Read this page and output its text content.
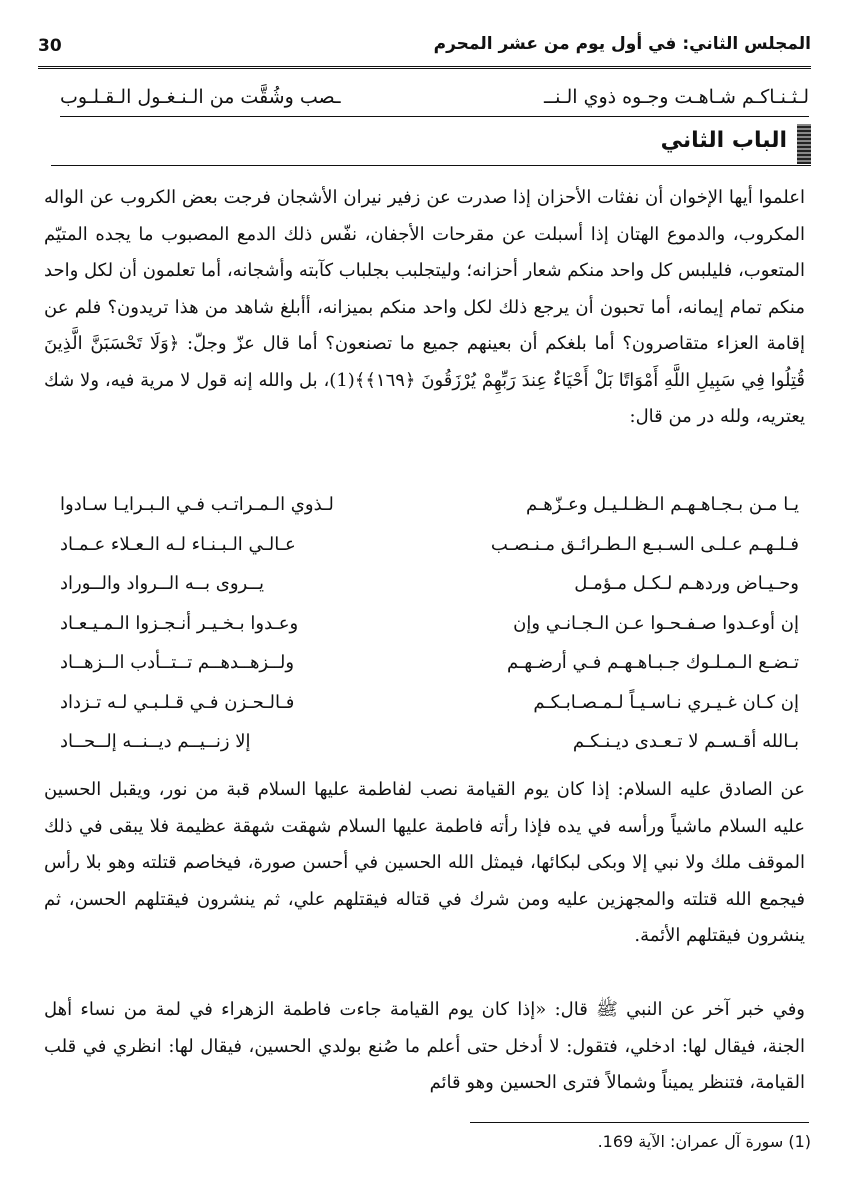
30	المجلس الثاني: في أول يوم من عشر المحرم
لـثـنـاكـم شـاهـت وجـوه ذوي الـنــ
ـصب وشُقَّت من الـنـغـول الـقـلـوب
الباب الثاني
اعلموا أيها الإخوان أن نفثات الأحزان إذا صدرت عن زفير نيران الأشجان فرجت بعض الكروب عن الواله المكروب، والدموع الهتان إذا أسبلت عن مقرحات الأجفان، نفّس ذلك الدمع المصبوب ما يجده المتيّم المتعوب، فليلبس كل واحد منكم شعار أحزانه؛ وليتجلبب بجلباب كآبته وأشجانه، أما تعلمون أن لكل واحد منكم تمام إيمانه، أما تحبون أن يرجع ذلك لكل واحد منكم بميزانه، أأبلغ شاهد من هذا تريدون؟ فلم عن إقامة العزاء متقاصرون؟ أما بلغكم أن بعينهم جميع ما تصنعون؟ أما قال عزّ وجلّ: ﴿وَلَا تَحْسَبَنَّ الَّذِينَ قُتِلُوا فِي سَبِيلِ اللَّهِ أَمْوَاتًا بَلْ أَحْيَاءٌ عِندَ رَبِّهِمْ يُرْزَقُونَ ﴿١٦٩﴾﴾(1)، بل والله إنه قول لا مرية فيه، ولا شك يعتريه، ولله در من قال:
يـا مـن بـجـاهـهـم الـظـلـيـل وعـزّهـم
لـذوي الـمـراتـب فـي الـبـرايـا سـادوا
فـلـهـم عـلـى السـبـع الـطـرائـق مـنـصـب
عـالـي الـبـنـاء لـه الـعـلاء عـمـاد
وحـيـاض وردهـم لـكـل مـؤمـل
يــروى بــه الــرواد والــوراد
إن أوعـدوا صـفـحـوا عـن الـجـانـي وإن
وعـدوا بـخـيـر أنـجـزوا الـمـيـعـاد
تـضـع الـمـلـوك جـبـاهـهـم فـي أرضـهـم
ولــزهــدهــم تــتــأدب الــزهــاد
إن كـان غـيـري نـاسـيـاً لـمـصـابـكـم
فـالـحـزن فـي قـلـبـي لـه تـزداد
بـالله أقـسـم لا تـعـدى ديـنـكـم
إلا زنــيــم ديــنــه إلــحــاد
عن الصادق عليه السلام: إذا كان يوم القيامة نصب لفاطمة عليها السلام قبة من نور، ويقبل الحسين عليه السلام ماشياً ورأسه في يده فإذا رأته فاطمة عليها السلام شهقت شهقة عظيمة فلا يبقى في ذلك الموقف ملك ولا نبي إلا وبكى لبكائها، فيمثل الله الحسين في أحسن صورة، فيخاصم قتلته وهو بلا رأس فيجمع الله قتلته والمجهزين عليه ومن شرك في قتاله فيقتلهم علي، ثم ينشرون فيقتلهم الحسن، ثم ينشرون فيقتلهم الأئمة.
وفي خبر آخر عن النبي ﷺ قال: «إذا كان يوم القيامة جاءت فاطمة الزهراء في لمة من نساء أهل الجنة، فيقال لها: ادخلي، فتقول: لا أدخل حتى أعلم ما صُنع بولدي الحسين، فيقال لها: انظري في قلب القيامة، فتنظر يميناً وشمالاً فترى الحسين وهو قائم
(1) سورة آل عمران: الآية 169.
